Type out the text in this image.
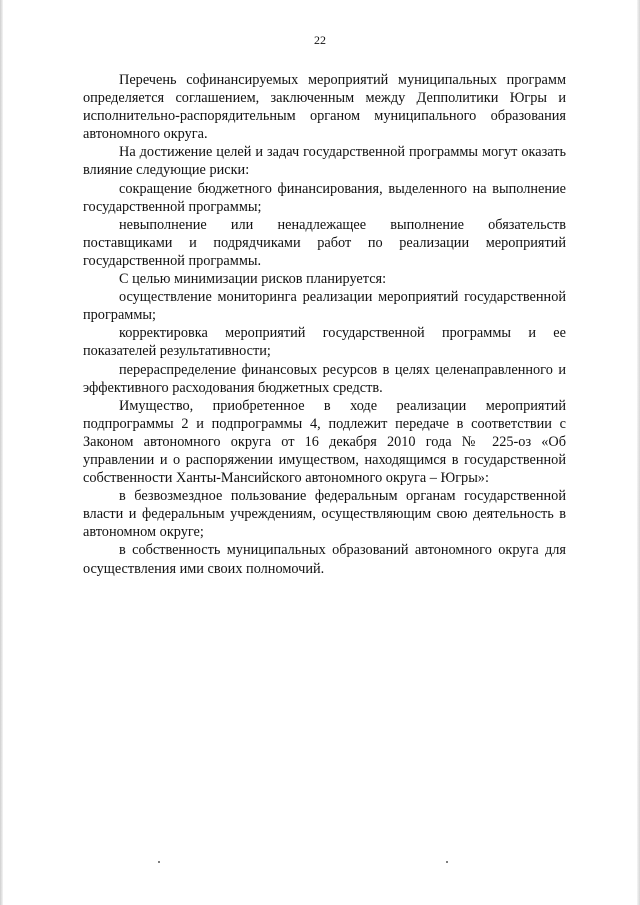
22

Перечень софинансируемых мероприятий муниципальных программ определяется соглашением, заключенным между Депполитики Югры и исполнительно-распорядительным органом муниципального образования автономного округа.

На достижение целей и задач государственной программы могут оказать влияние следующие риски:

сокращение бюджетного финансирования, выделенного на выполнение государственной программы;

невыполнение или ненадлежащее выполнение обязательств поставщиками и подрядчиками работ по реализации мероприятий государственной программы.

С целью минимизации рисков планируется:

осуществление мониторинга реализации мероприятий государственной программы;

корректировка мероприятий государственной программы и ее показателей результативности;

перераспределение финансовых ресурсов в целях целенаправленного и эффективного расходования бюджетных средств.

Имущество, приобретенное в ходе реализации мероприятий подпрограммы 2 и подпрограммы 4, подлежит передаче в соответствии с Законом автономного округа от 16 декабря 2010 года № 225-оз «Об управлении и о распоряжении имуществом, находящимся в государственной собственности Ханты-Мансийского автономного округа – Югры»:

в безвозмездное пользование федеральным органам государственной власти и федеральным учреждениям, осуществляющим свою деятельность в автономном округе;

в собственность муниципальных образований автономного округа для осуществления ими своих полномочий.
